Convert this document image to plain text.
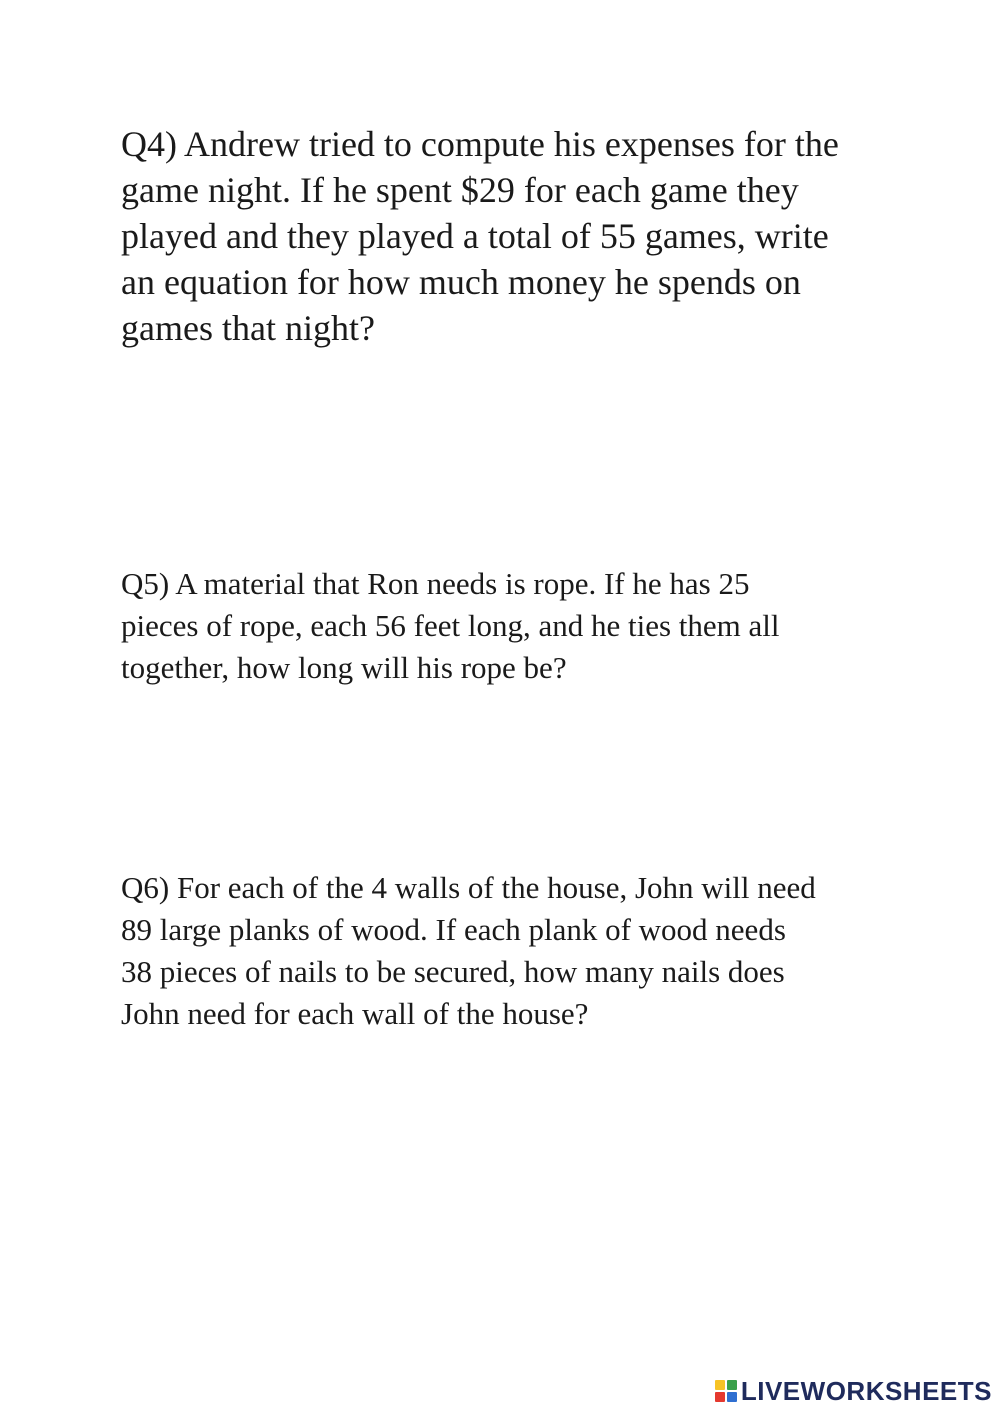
Q4) Andrew tried to compute his expenses for the
game night. If he spent $29 for each game they
played and they played a total of 55 games, write
an equation for how much money he spends on
games that night?

Q5) A material that Ron needs is rope. If he has 25
pieces of rope, each 56 feet long, and he ties them all
together, how long will his rope be?

Q6) For each of the 4 walls of the house, John will need
89 large planks of wood. If each plank of wood needs
38 pieces of nails to be secured, how many nails does
John need for each wall of the house?

LIVEWORKSHEETS
